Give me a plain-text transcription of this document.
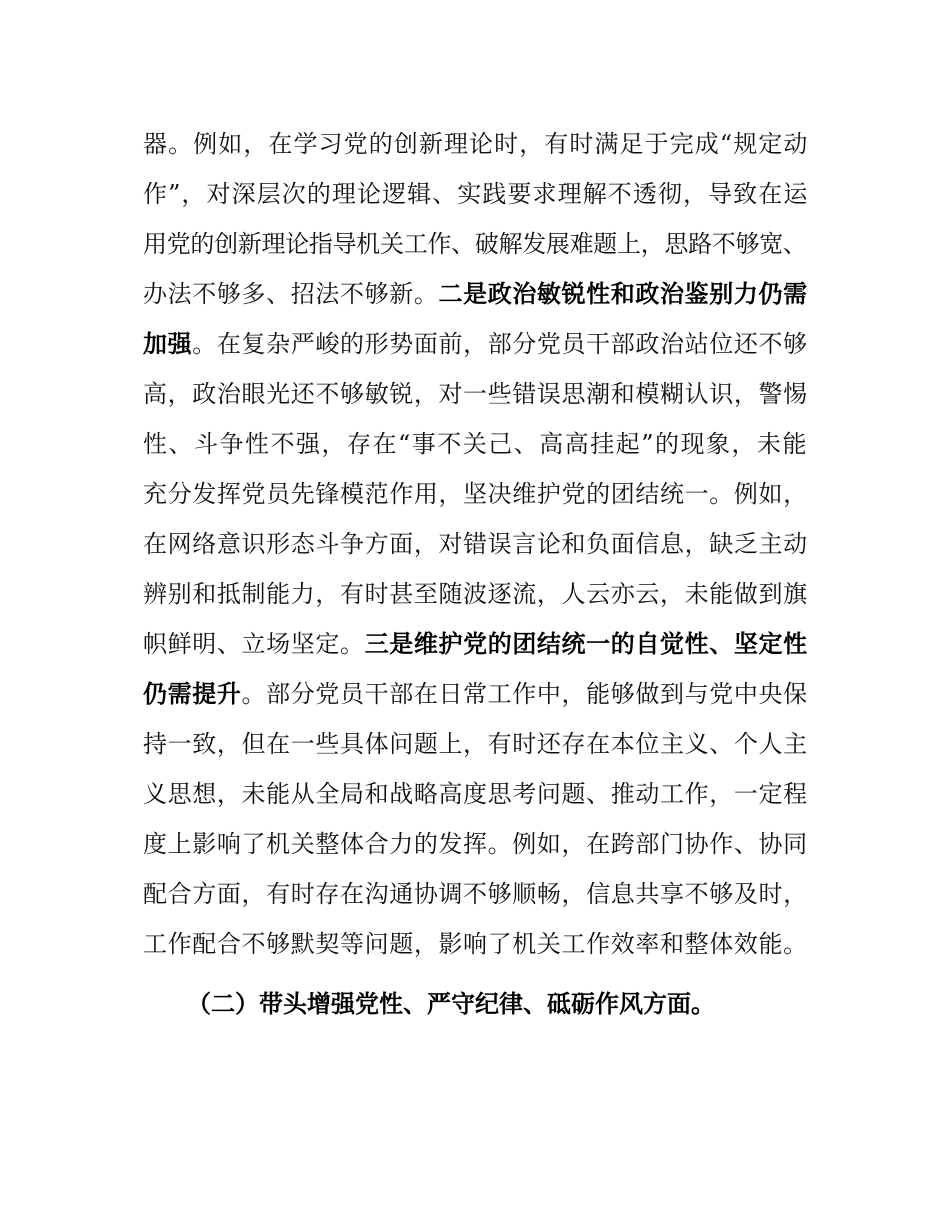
器。例如，在学习党的创新理论时，有时满足于完成“规定动
作”，对深层次的理论逻辑、实践要求理解不透彻，导致在运
用党的创新理论指导机关工作、破解发展难题上，思路不够宽、
办法不够多、招法不够新。二是政治敏锐性和政治鉴别力仍需
加强。在复杂严峻的形势面前，部分党员干部政治站位还不够
高，政治眼光还不够敏锐，对一些错误思潮和模糊认识，警惕
性、斗争性不强，存在“事不关己、高高挂起”的现象，未能
充分发挥党员先锋模范作用，坚决维护党的团结统一。例如，
在网络意识形态斗争方面，对错误言论和负面信息，缺乏主动
辨别和抵制能力，有时甚至随波逐流，人云亦云，未能做到旗
帜鲜明、立场坚定。三是维护党的团结统一的自觉性、坚定性
仍需提升。部分党员干部在日常工作中，能够做到与党中央保
持一致，但在一些具体问题上，有时还存在本位主义、个人主
义思想，未能从全局和战略高度思考问题、推动工作，一定程
度上影响了机关整体合力的发挥。例如，在跨部门协作、协同
配合方面，有时存在沟通协调不够顺畅，信息共享不够及时，
工作配合不够默契等问题，影响了机关工作效率和整体效能。
（二）带头增强党性、严守纪律、砥砺作风方面。
